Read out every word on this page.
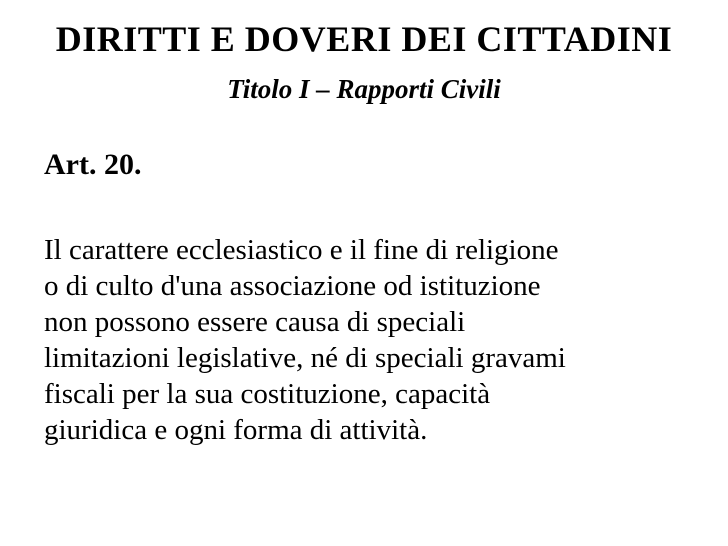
DIRITTI E DOVERI DEI CITTADINI
Titolo I – Rapporti Civili
Art. 20.
Il carattere ecclesiastico e il fine di religione
o di culto d'una associazione od istituzione
non possono essere causa di speciali
limitazioni legislative, né di speciali gravami
fiscali per la sua costituzione, capacità
giuridica e ogni forma di attività.
